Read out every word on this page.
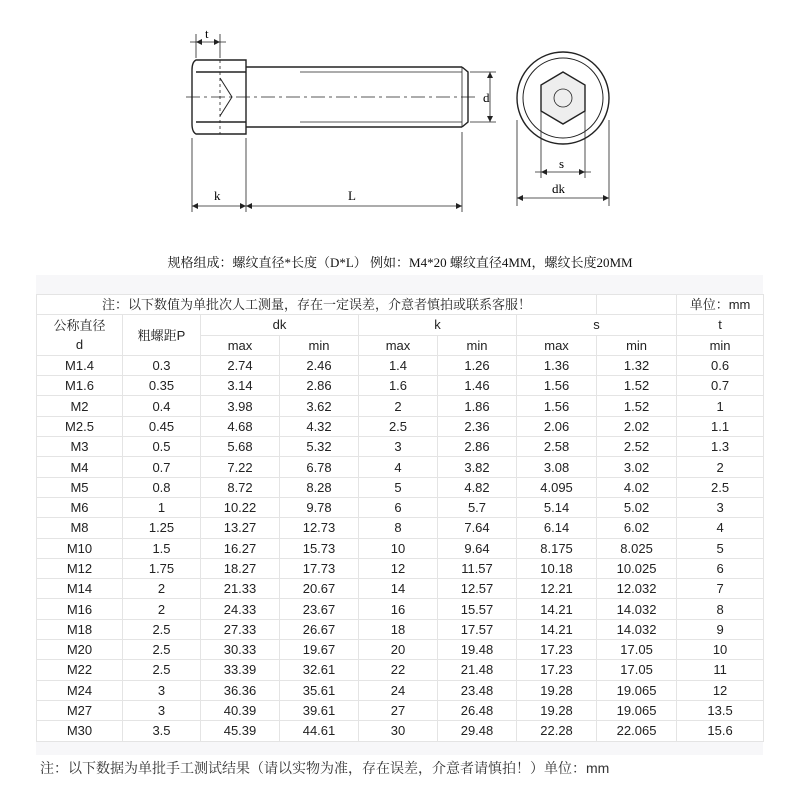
t
d
k	L
s
dk
规格组成：螺纹直径*长度（D*L） 例如：M4*20 螺纹直径4MM，螺纹长度20MM
注：以下数值为单批次人工测量，存在一定误差，介意者慎拍或联系客服！								单位：mm

公称直径
d	粗螺距P	dk		k		s		t
		max	min	max	min	max	min	min
M1.4	0.3	2.74	2.46	1.4	1.26	1.36	1.32	0.6
M1.6	0.35	3.14	2.86	1.6	1.46	1.56	1.52	0.7
M2	0.4	3.98	3.62	2	1.86	1.56	1.52	1
M2.5	0.45	4.68	4.32	2.5	2.36	2.06	2.02	1.1
M3	0.5	5.68	5.32	3	2.86	2.58	2.52	1.3
M4	0.7	7.22	6.78	4	3.82	3.08	3.02	2
M5	0.8	8.72	8.28	5	4.82	4.095	4.02	2.5
M6	1	10.22	9.78	6	5.7	5.14	5.02	3
M8	1.25	13.27	12.73	8	7.64	6.14	6.02	4
M10	1.5	16.27	15.73	10	9.64	8.175	8.025	5
M12	1.75	18.27	17.73	12	11.57	10.18	10.025	6
M14	2	21.33	20.67	14	12.57	12.21	12.032	7
M16	2	24.33	23.67	16	15.57	14.21	14.032	8
M18	2.5	27.33	26.67	18	17.57	14.21	14.032	9
M20	2.5	30.33	19.67	20	19.48	17.23	17.05	10
M22	2.5	33.39	32.61	22	21.48	17.23	17.05	11
M24	3	36.36	35.61	24	23.48	19.28	19.065	12
M27	3	40.39	39.61	27	26.48	19.28	19.065	13.5
M30	3.5	45.39	44.61	30	29.48	22.28	22.065	15.6
注：以下数据为单批手工测试结果（请以实物为准，存在误差，介意者请慎拍！）单位：mm
